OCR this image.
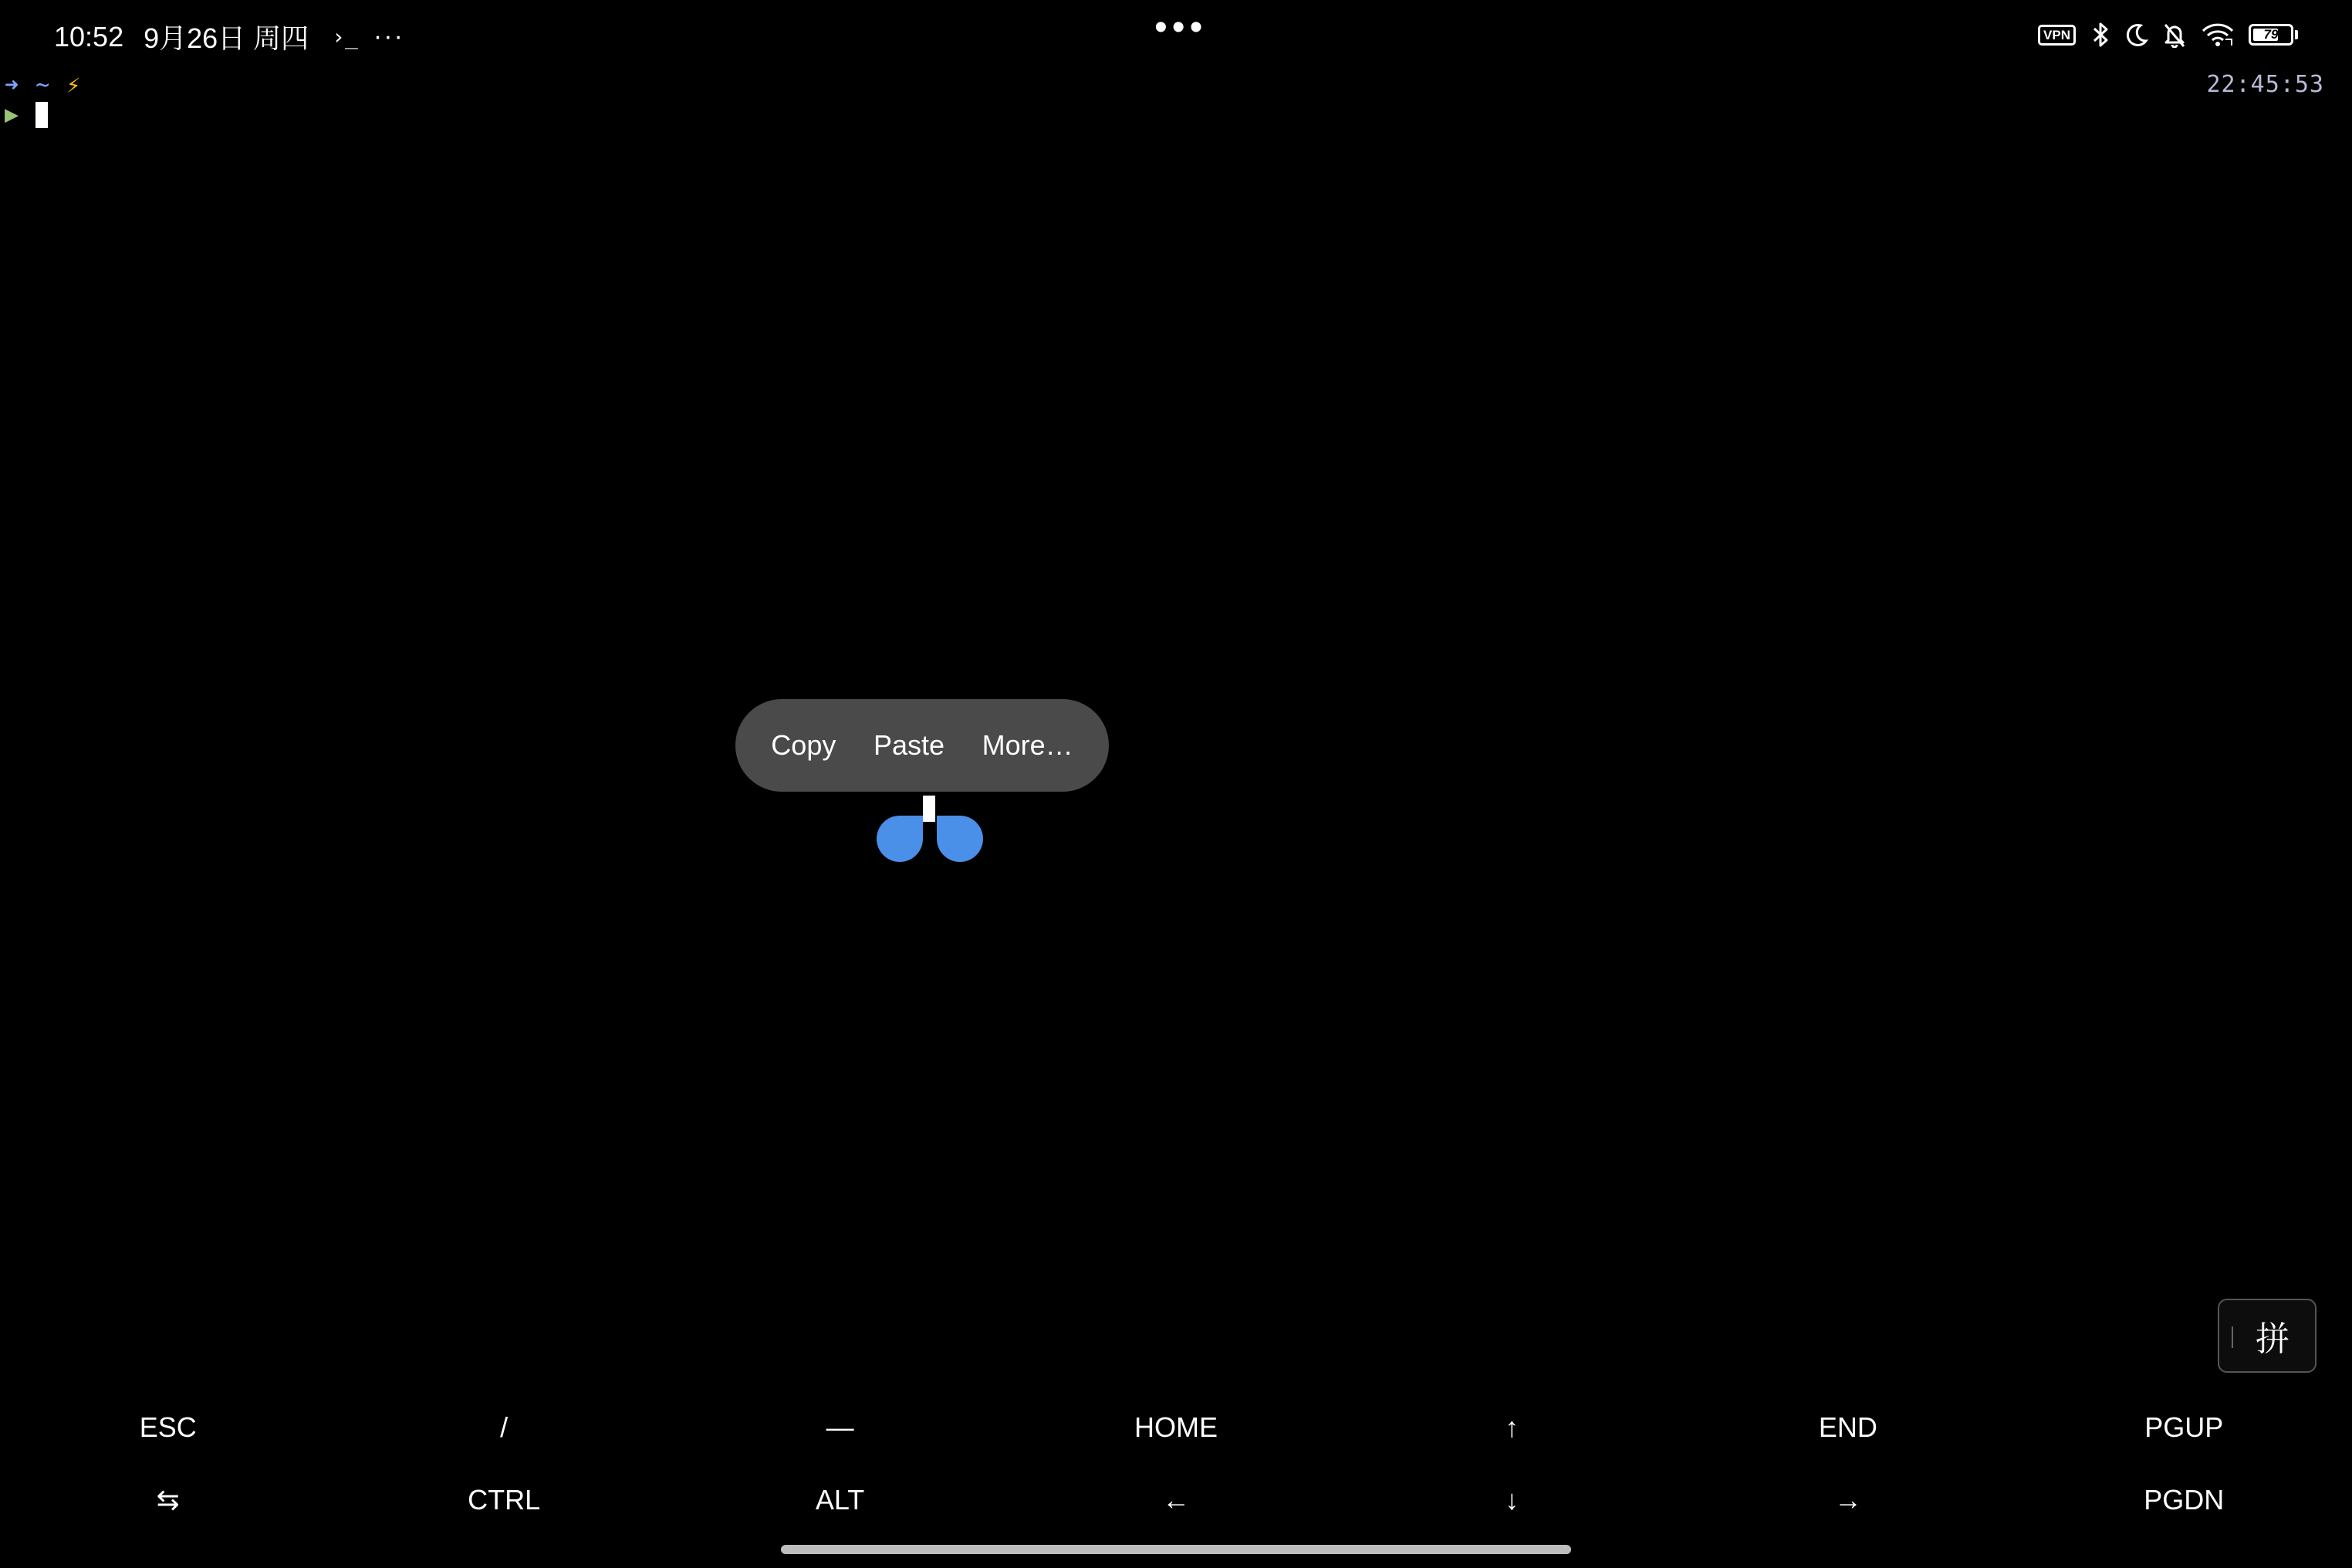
10:52 9月26日 周四 ›_ ···	•••	VPN	79
➜ ~ ⚡
▶
22:45:53
Copy Paste More…
拼
ESC	/	—	HOME	↑	END	PGUP
⇆	CTRL	ALT	←	↓	→	PGDN
